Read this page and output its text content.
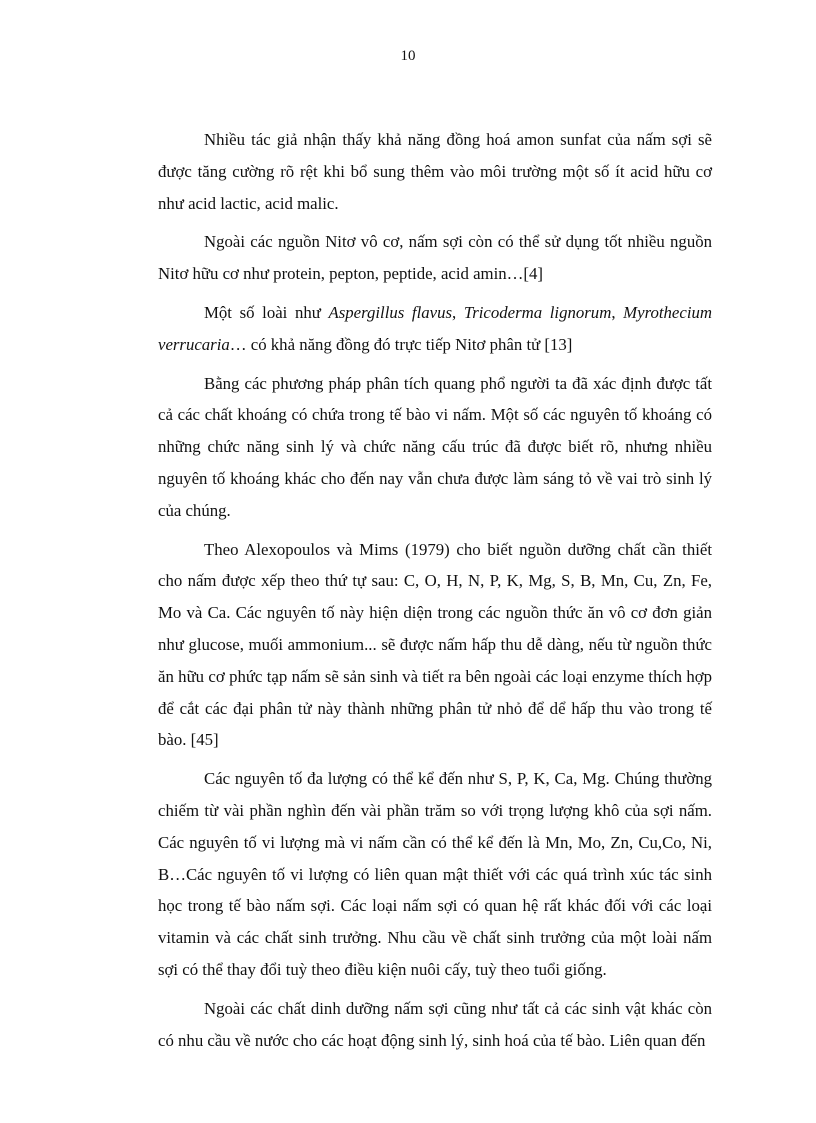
10

Nhiều tác giả nhận thấy khả năng đồng hoá amon sunfat của nấm sợi sẽ được tăng cường rõ rệt khi bổ sung thêm vào môi trường một số ít acid hữu cơ như acid lactic, acid malic.

Ngoài các nguồn Nitơ vô cơ, nấm sợi còn có thể sử dụng tốt nhiều nguồn Nitơ hữu cơ như protein, pepton, peptide, acid amin…[4]

Một số loài như Aspergillus flavus, Tricoderma lignorum, Myrothecium verrucaria… có khả năng đồng đó trực tiếp Nitơ phân tử [13]

Bằng các phương pháp phân tích quang phổ người ta đã xác định được tất cả các chất khoáng có chứa trong tế bào vi nấm. Một số các nguyên tố khoáng có những chức năng sinh lý và chức năng cấu trúc đã được biết rõ, nhưng nhiều nguyên tố khoáng khác cho đến nay vẫn chưa được làm sáng tỏ về vai trò sinh lý của chúng.

Theo Alexopoulos và Mims (1979) cho biết nguồn dưỡng chất cần thiết cho nấm được xếp theo thứ tự sau: C, O, H, N, P, K, Mg, S, B, Mn, Cu, Zn, Fe, Mo và Ca. Các nguyên tố này hiện diện trong các nguồn thức ăn vô cơ đơn giản như glucose, muối ammonium... sẽ được nấm hấp thu dễ dàng, nếu từ nguồn thức ăn hữu cơ phức tạp nấm sẽ sản sinh và tiết ra bên ngoài các loại enzyme thích hợp để cắt các đại phân tử này thành những phân tử nhỏ để dể hấp thu vào trong tế bào. [45]

Các nguyên tố đa lượng có thể kể đến như S, P, K, Ca, Mg. Chúng thường chiếm từ vài phần nghìn đến vài phần trăm so với trọng lượng khô của sợi nấm. Các nguyên tố vi lượng mà vi nấm cần có thể kể đến là Mn, Mo, Zn, Cu,Co, Ni, B…Các nguyên tố vi lượng có liên quan mật thiết với các quá trình xúc tác sinh học trong tế bào nấm sợi. Các loại nấm sợi có quan hệ rất khác đối với các loại vitamin và các chất sinh trưởng. Nhu cầu về chất sinh trưởng của một loài nấm sợi có thể thay đổi tuỳ theo điều kiện nuôi cấy, tuỳ theo tuổi giống.

Ngoài các chất dinh dưỡng nấm sợi cũng như tất cả các sinh vật khác còn có nhu cầu về nước cho các hoạt động sinh lý, sinh hoá của tế bào. Liên quan đến
